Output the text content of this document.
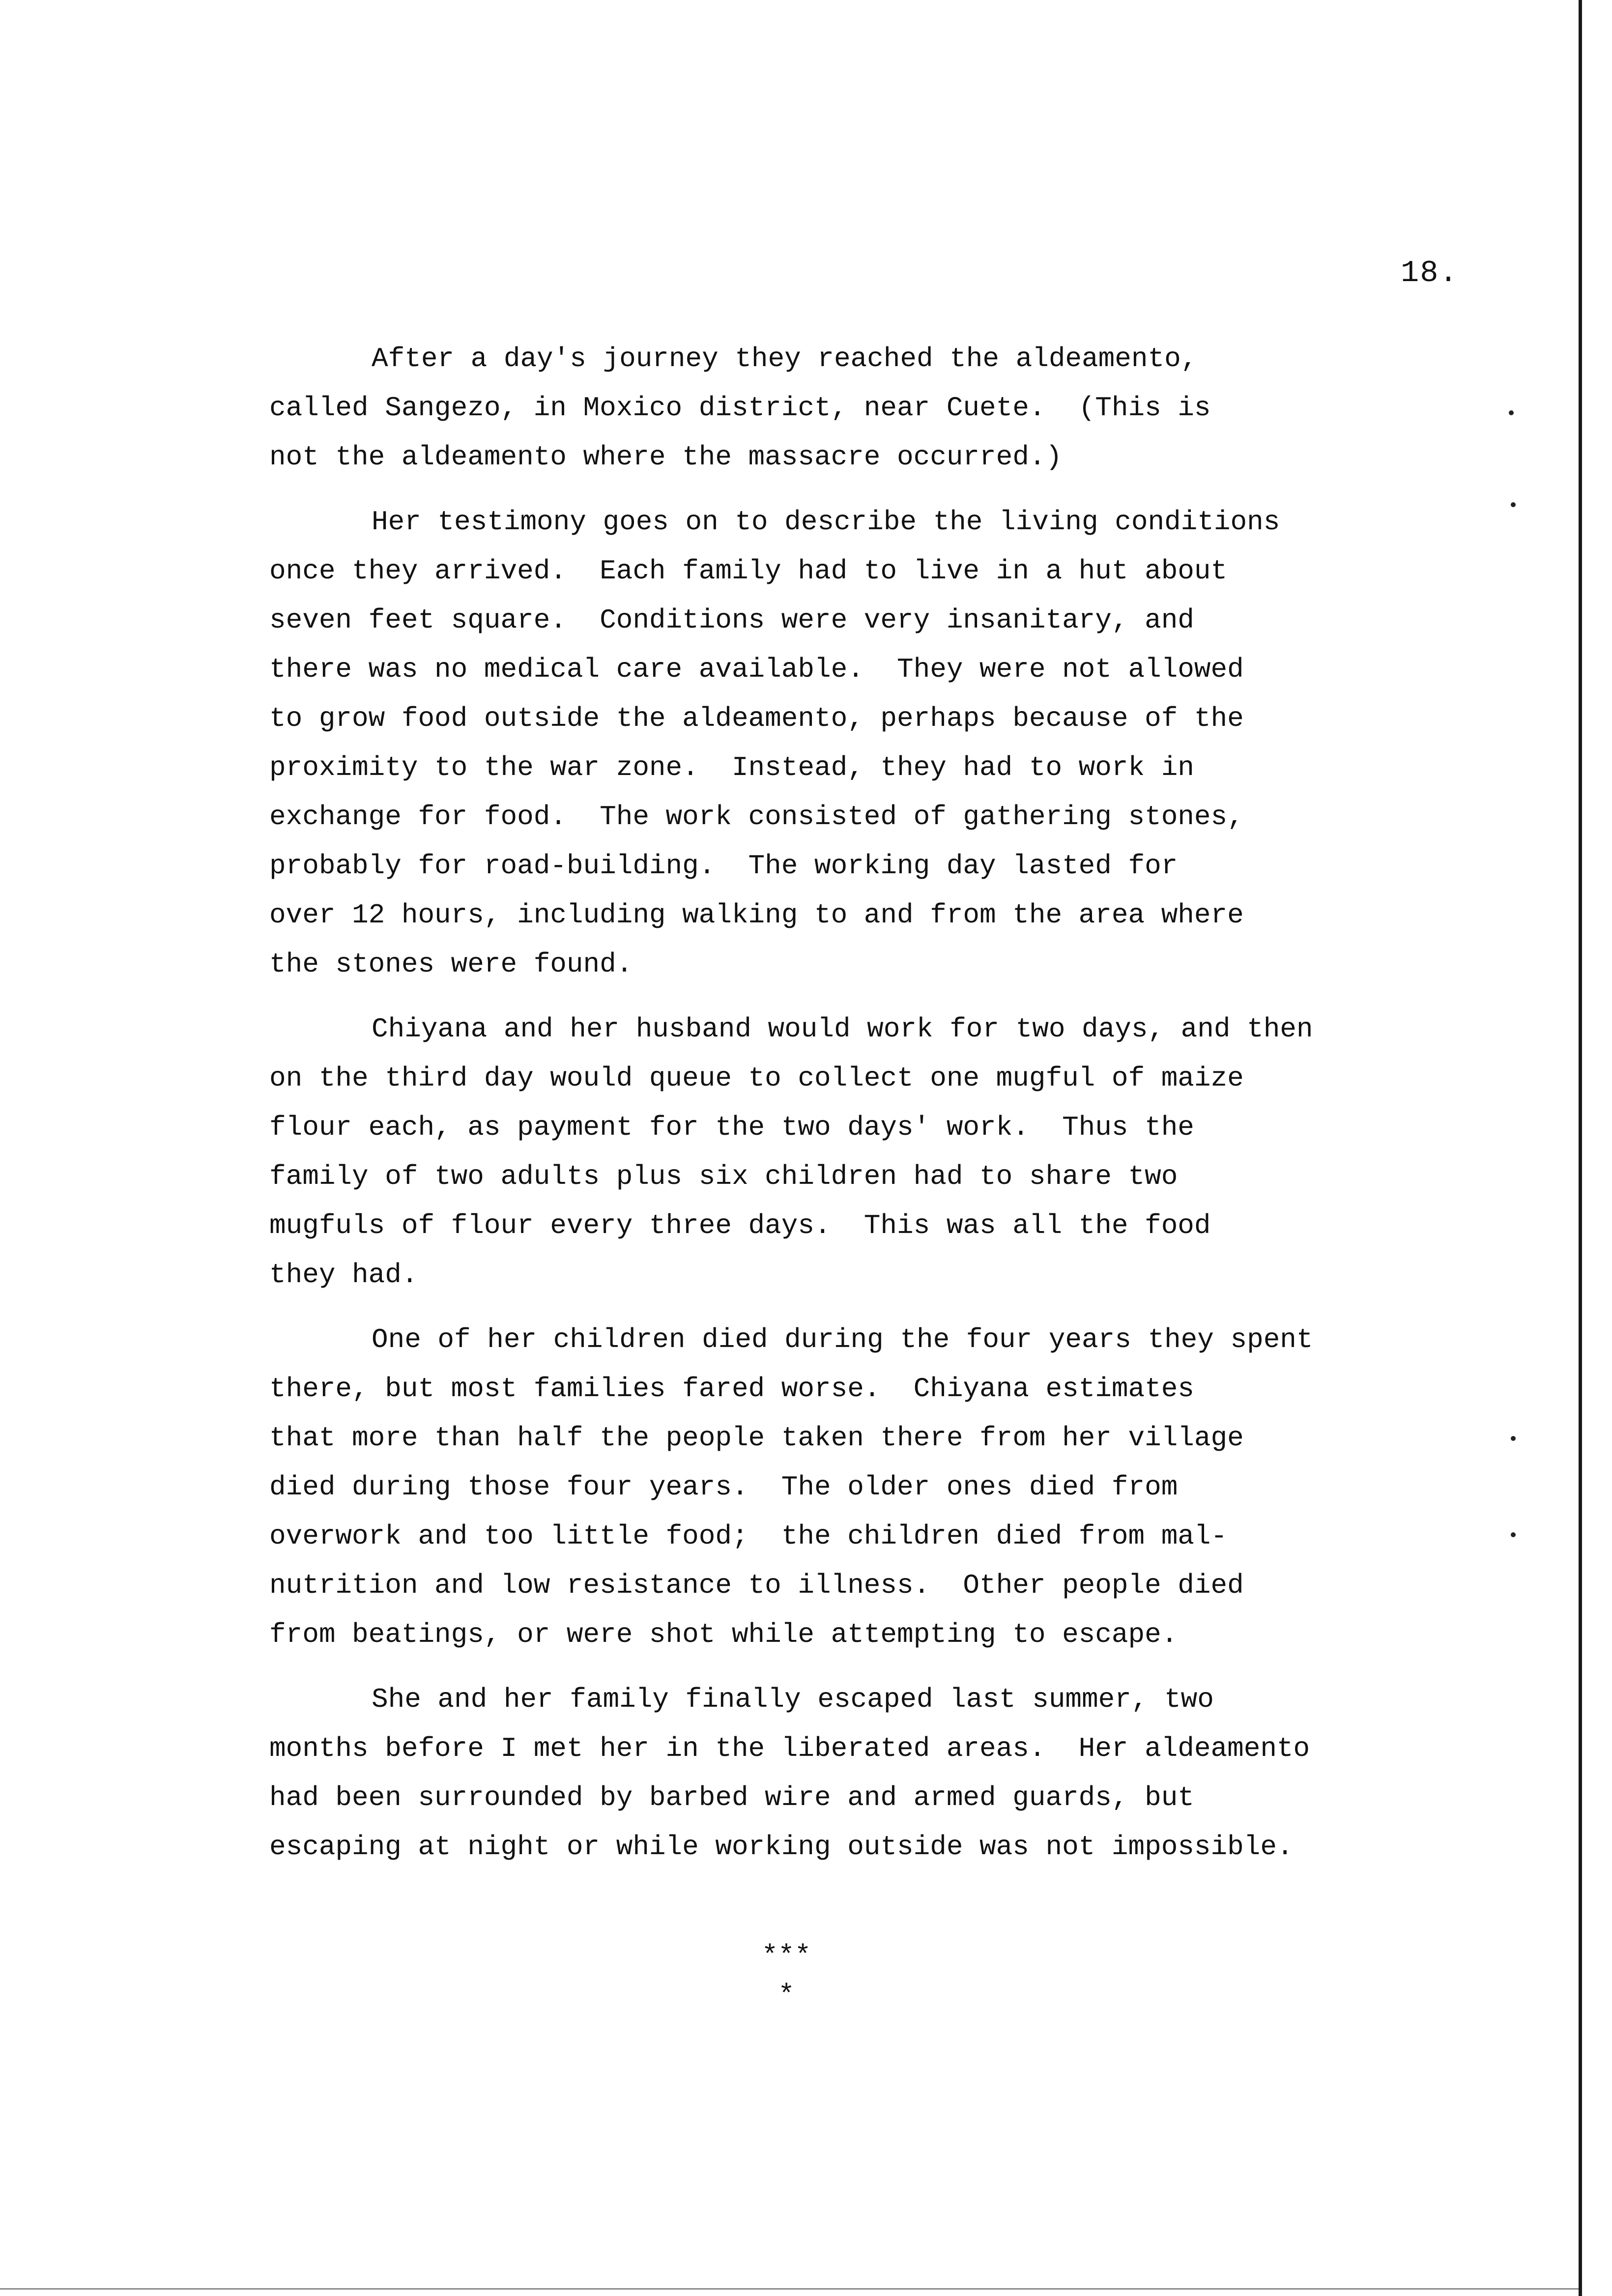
18.

After a day's journey they reached the aldeamento,
called Sangezo, in Moxico district, near Cuete.  (This is
not the aldeamento where the massacre occurred.)
Her testimony goes on to describe the living conditions
once they arrived.  Each family had to live in a hut about
seven feet square.  Conditions were very insanitary, and
there was no medical care available.  They were not allowed
to grow food outside the aldeamento, perhaps because of the
proximity to the war zone.  Instead, they had to work in
exchange for food.  The work consisted of gathering stones,
probably for road-building.  The working day lasted for
over 12 hours, including walking to and from the area where
the stones were found.
Chiyana and her husband would work for two days, and then
on the third day would queue to collect one mugful of maize
flour each, as payment for the two days' work.  Thus the
family of two adults plus six children had to share two
mugfuls of flour every three days.  This was all the food
they had.
One of her children died during the four years they spent
there, but most families fared worse.  Chiyana estimates
that more than half the people taken there from her village
died during those four years.  The older ones died from
overwork and too little food;  the children died from mal-
nutrition and low resistance to illness.  Other people died
from beatings, or were shot while attempting to escape.
She and her family finally escaped last summer, two
months before I met her in the liberated areas.  Her aldeamento
had been surrounded by barbed wire and armed guards, but
escaping at night or while working outside was not impossible.
***
*
